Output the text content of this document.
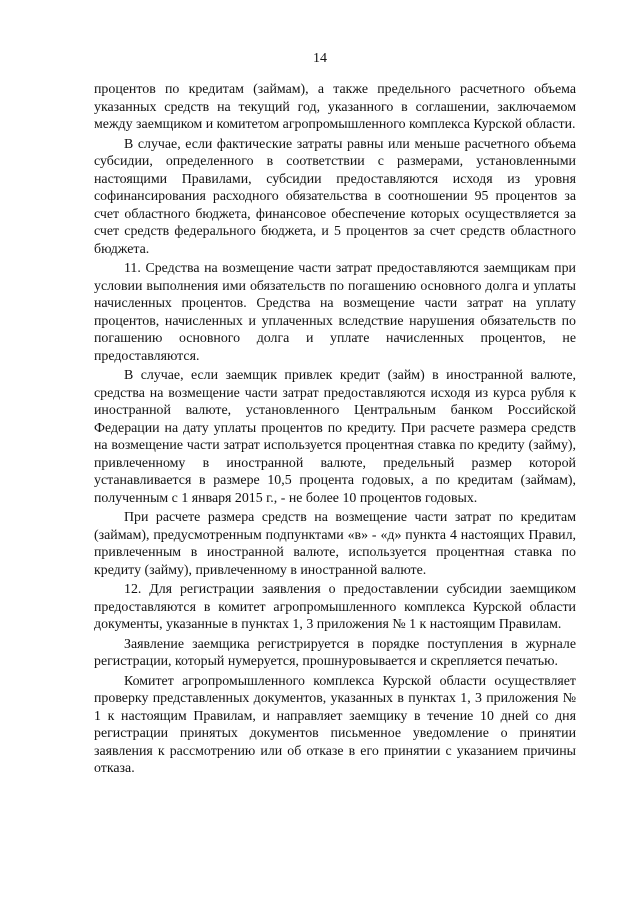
14

процентов по кредитам (займам), а также предельного расчетного объема указанных средств на текущий год, указанного в соглашении, заключаемом между заемщиком и комитетом агропромышленного комплекса Курской области.

В случае, если фактические затраты равны или меньше расчетного объема субсидии, определенного в соответствии с размерами, установленными настоящими Правилами, субсидии предоставляются исходя из уровня софинансирования расходного обязательства в соотношении 95 процентов за счет областного бюджета, финансовое обеспечение которых осуществляется за счет средств федерального бюджета, и 5 процентов за счет средств областного бюджета.

11. Средства на возмещение части затрат предоставляются заемщикам при условии выполнения ими обязательств по погашению основного долга и уплаты начисленных процентов. Средства на возмещение части затрат на уплату процентов, начисленных и уплаченных вследствие нарушения обязательств по погашению основного долга и уплате начисленных процентов, не предоставляются.

В случае, если заемщик привлек кредит (займ) в иностранной валюте, средства на возмещение части затрат предоставляются исходя из курса рубля к иностранной валюте, установленного Центральным банком Российской Федерации на дату уплаты процентов по кредиту. При расчете размера средств на возмещение части затрат используется процентная ставка по кредиту (займу), привлеченному в иностранной валюте, предельный размер которой устанавливается в размере 10,5 процента годовых, а по кредитам (займам), полученным с 1 января 2015 г., - не более 10 процентов годовых.

При расчете размера средств на возмещение части затрат по кредитам (займам), предусмотренным подпунктами «в» - «д» пункта 4 настоящих Правил, привлеченным в иностранной валюте, используется процентная ставка по кредиту (займу), привлеченному в иностранной валюте.

12. Для регистрации заявления о предоставлении субсидии заемщиком предоставляются в комитет агропромышленного комплекса Курской области документы, указанные в пунктах 1, 3 приложения № 1 к настоящим Правилам.

Заявление заемщика регистрируется в порядке поступления в журнале регистрации, который нумеруется, прошнуровывается и скрепляется печатью.

Комитет агропромышленного комплекса Курской области осуществляет проверку представленных документов, указанных в пунктах 1, 3 приложения № 1 к настоящим Правилам, и направляет заемщику в течение 10 дней со дня регистрации принятых документов письменное уведомление о принятии заявления к рассмотрению или об отказе в его принятии с указанием причины отказа.
